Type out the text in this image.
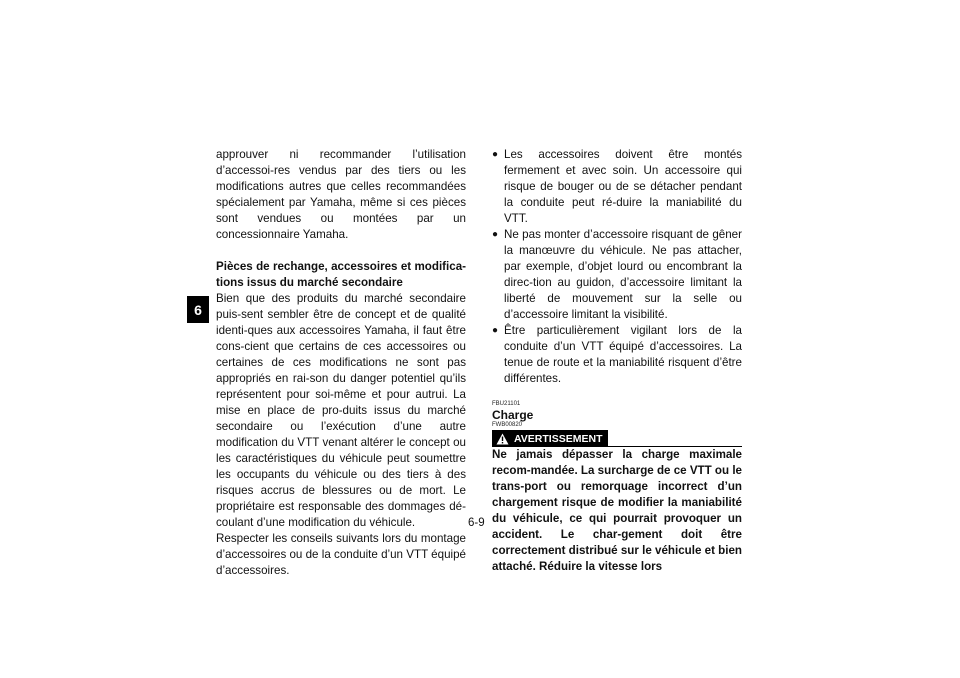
6

approuver ni recommander l’utilisation d’accessoi-res vendus par des tiers ou les modifications autres que celles recommandées spécialement par Yamaha, même si ces pièces sont vendues ou montées par un concessionnaire Yamaha.

Pièces de rechange, accessoires et modifica-tions issus du marché secondaire

Bien que des produits du marché secondaire puis-sent sembler être de concept et de qualité identi-ques aux accessoires Yamaha, il faut être cons-cient que certains de ces accessoires ou certaines de ces modifications ne sont pas appropriés en rai-son du danger potentiel qu’ils représentent pour soi-même et pour autrui. La mise en place de pro-duits issus du marché secondaire ou l’exécution d’une autre modification du VTT venant altérer le concept ou les caractéristiques du véhicule peut soumettre les occupants du véhicule ou des tiers à des risques accrus de blessures ou de mort. Le propriétaire est responsable des dommages dé-coulant d’une modification du véhicule.

Respecter les conseils suivants lors du montage d’accessoires ou de la conduite d’un VTT équipé d’accessoires.

● Les accessoires doivent être montés fermement et avec soin. Un accessoire qui risque de bouger ou de se détacher pendant la conduite peut ré-duire la maniabilité du VTT.
● Ne pas monter d’accessoire risquant de gêner la manœuvre du véhicule. Ne pas attacher, par exemple, d’objet lourd ou encombrant la direc-tion au guidon, d’accessoire limitant la liberté de mouvement sur la selle ou d’accessoire limitant la visibilité.
● Être particulièrement vigilant lors de la conduite d’un VTT équipé d’accessoires. La tenue de route et la maniabilité risquent d’être différentes.
FBU21101
Charge
FWB00820
AVERTISSEMENT

Ne jamais dépasser la charge maximale recom-mandée. La surcharge de ce VTT ou le trans-port ou remorquage incorrect d’un chargement risque de modifier la maniabilité du véhicule, ce qui pourrait provoquer un accident. Le char-gement doit être correctement distribué sur le véhicule et bien attaché. Réduire la vitesse lors

6-9
